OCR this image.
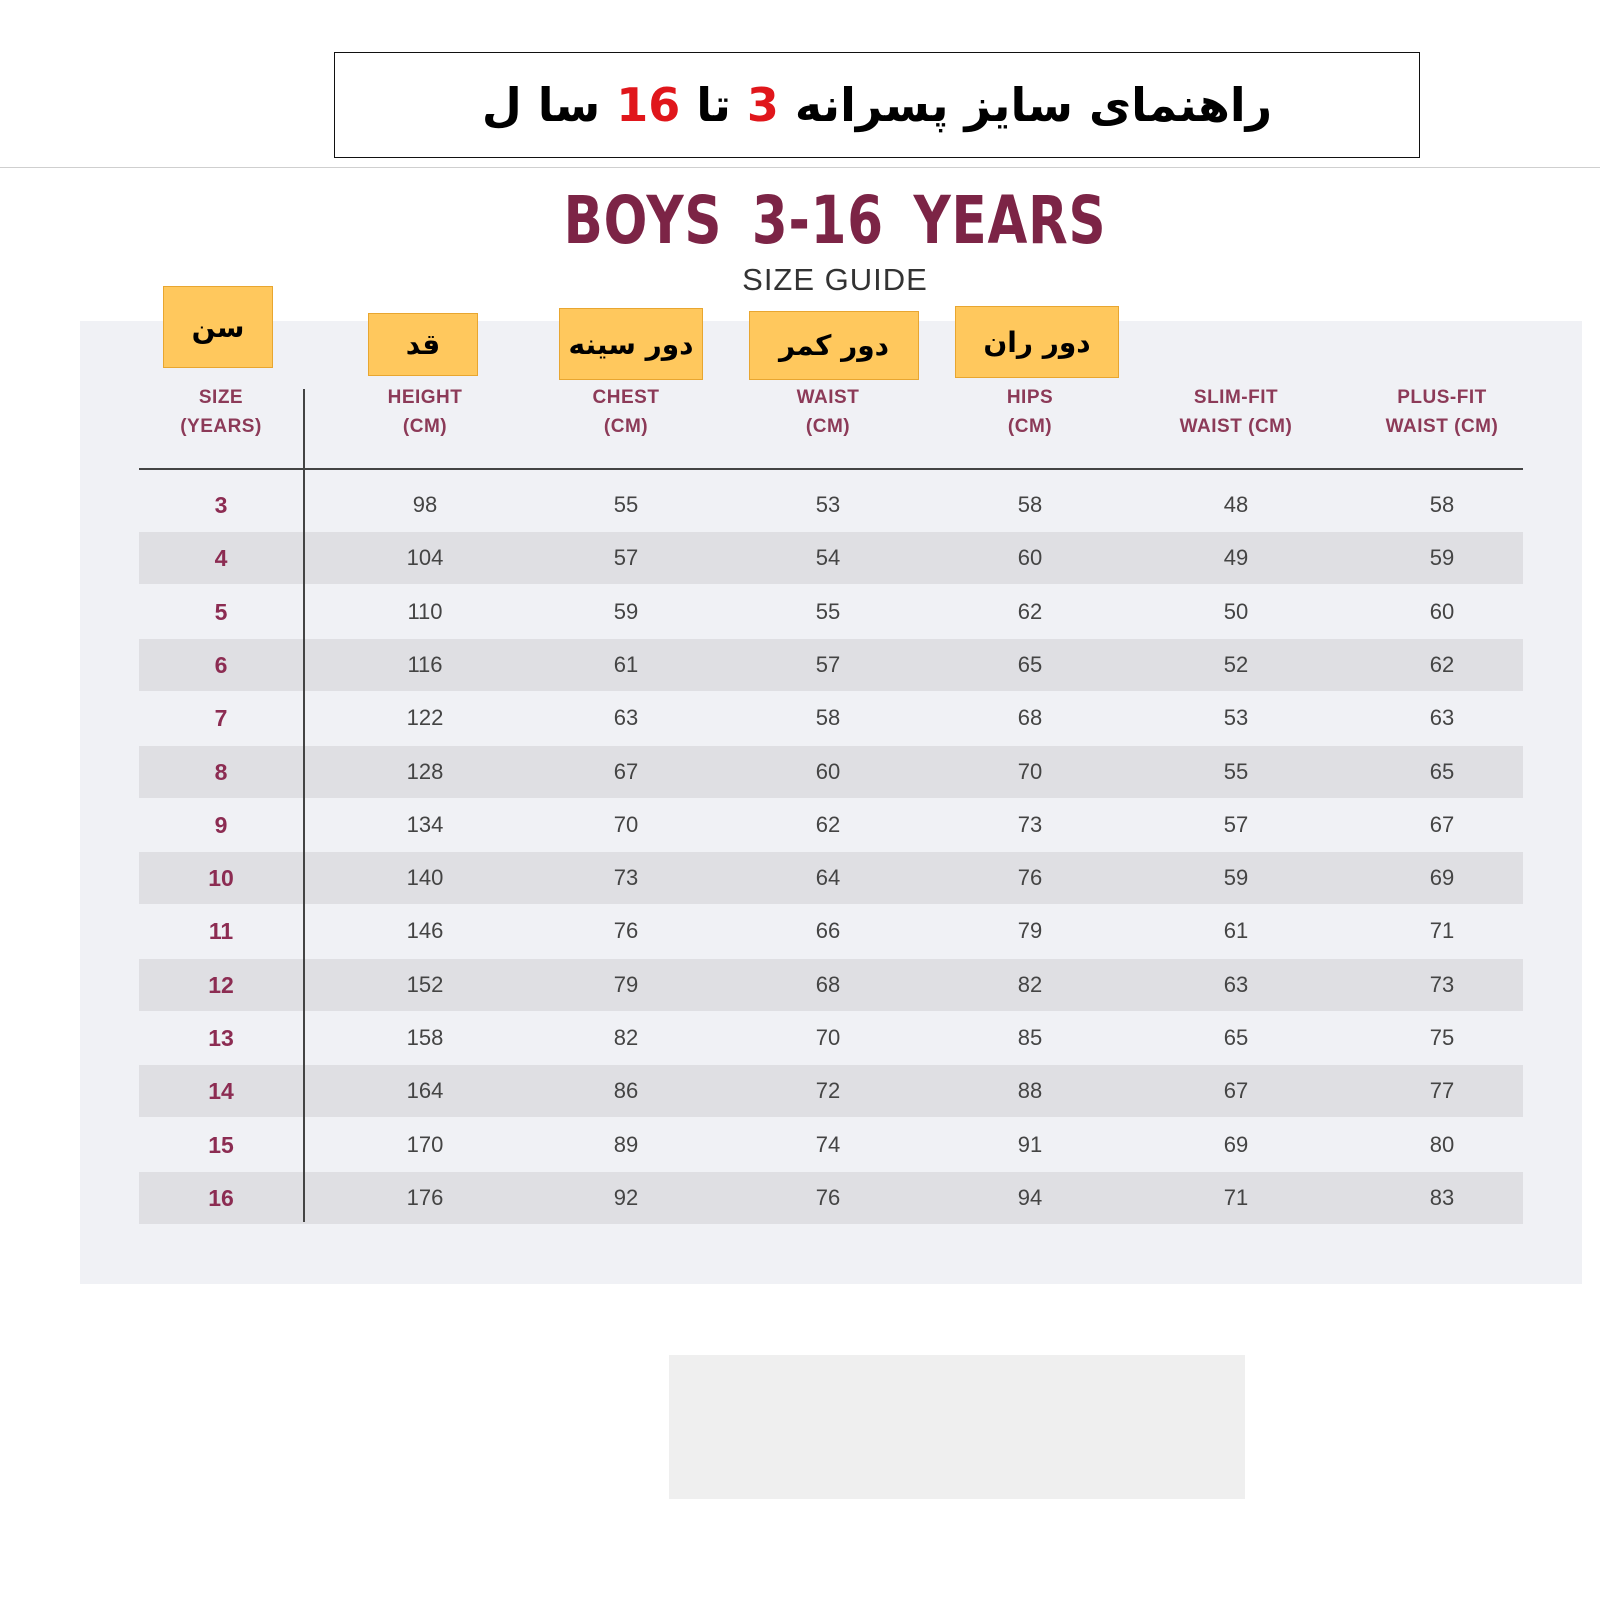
راهنمای سایز پسرانه 3 تا 16 سا ل
BOYS 3-16 YEARS
SIZE GUIDE
سن
قد	دور سینه	دور کمر	دور ران
SIZE
(YEARS)
HEIGHT
(CM)
CHEST
(CM)
WAIST
(CM)
HIPS
(CM)
SLIM-FIT
WAIST (CM)
PLUS-FIT
WAIST (CM)
3	98	55	53	58	48	58
4	104	57	54	60	49	59
5	110	59	55	62	50	60
6	116	61	57	65	52	62
7	122	63	58	68	53	63
8	128	67	60	70	55	65
9	134	70	62	73	57	67
10	140	73	64	76	59	69
11	146	76	66	79	61	71
12	152	79	68	82	63	73
13	158	82	70	85	65	75
14	164	86	72	88	67	77
15	170	89	74	91	69	80
16	176	92	76	94	71	83
